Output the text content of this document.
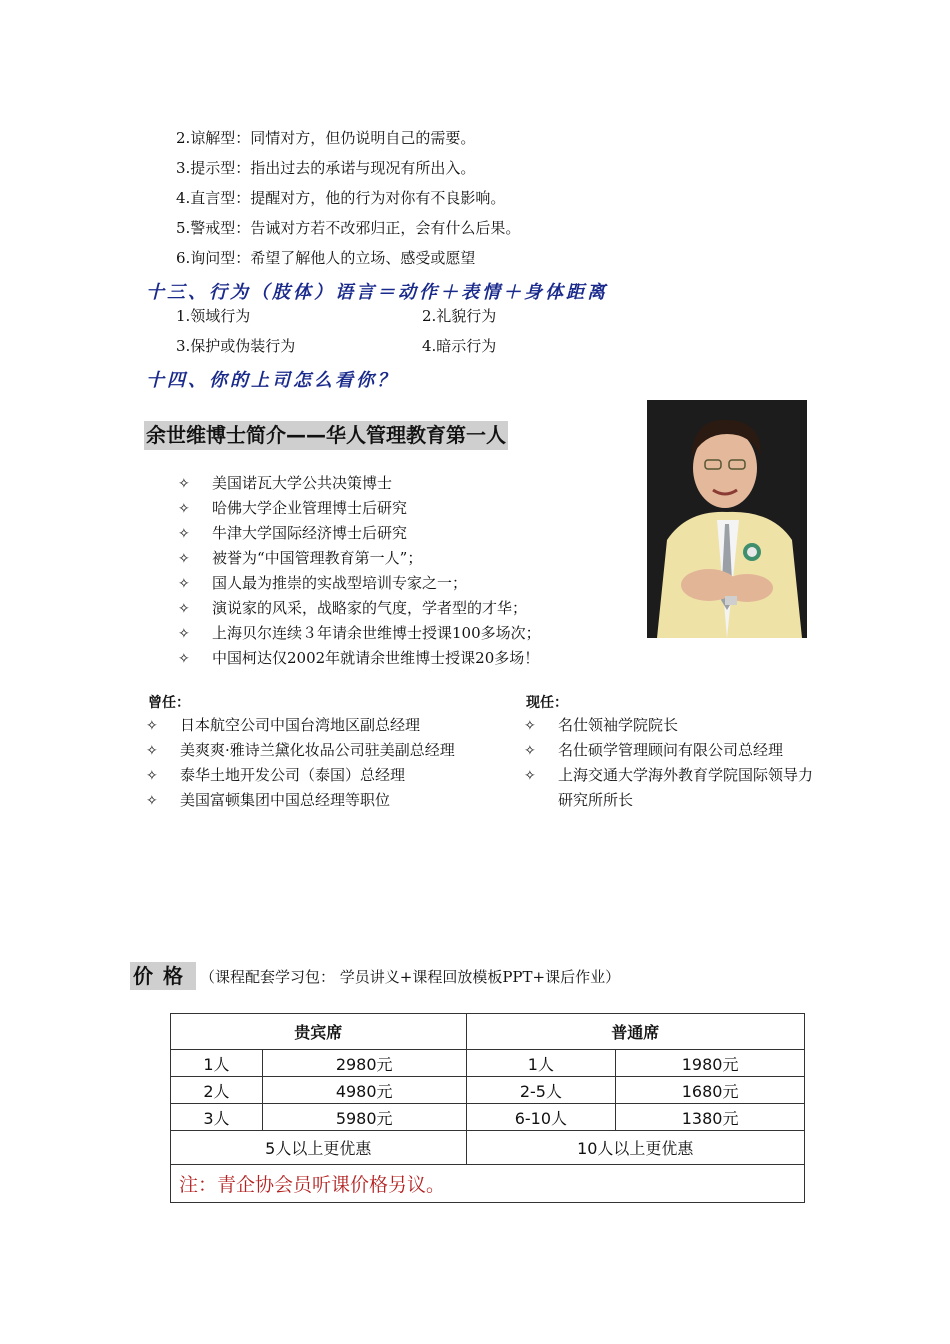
2.谅解型：同情对方，但仍说明自己的需要。
3.提示型：指出过去的承诺与现况有所出入。
4.直言型：提醒对方，他的行为对你有不良影响。
5.警戒型：告诫对方若不改邪归正，会有什么后果。
6.询问型：希望了解他人的立场、感受或愿望
十三、行为（肢体）语言＝动作＋表情＋身体距离
1.领域行为	2.礼貌行为
3.保护或伪装行为	4.暗示行为
十四、你的上司怎么看你？
余世维博士简介——华人管理教育第一人
✧ 美国诺瓦大学公共决策博士
✧ 哈佛大学企业管理博士后研究
✧ 牛津大学国际经济博士后研究
✧ 被誉为“中国管理教育第一人”；
✧ 国人最为推崇的实战型培训专家之一；
✧ 演说家的风采，战略家的气度，学者型的才华；
✧ 上海贝尔连续３年请余世维博士授课100多场次；
✧ 中国柯达仅2002年就请余世维博士授课20多场！
曾任：
✧ 日本航空公司中国台湾地区副总经理
✧ 美爽爽·雅诗兰黛化妆品公司驻美副总经理
✧ 泰华土地开发公司（泰国）总经理
✧ 美国富顿集团中国总经理等职位
现任：
✧ 名仕领袖学院院长
✧ 名仕硕学管理顾问有限公司总经理
✧ 上海交通大学海外教育学院国际领导力
研究所所长
价格 （课程配套学习包： 学员讲义+课程回放模板PPT+课后作业）
贵宾席		普通席	
1人	2980元	1人	1980元
2人	4980元	2-5人	1680元
3人	5980元	6-10人	1380元
5人以上更优惠		10人以上更优惠	
注：青企协会员听课价格另议。			
